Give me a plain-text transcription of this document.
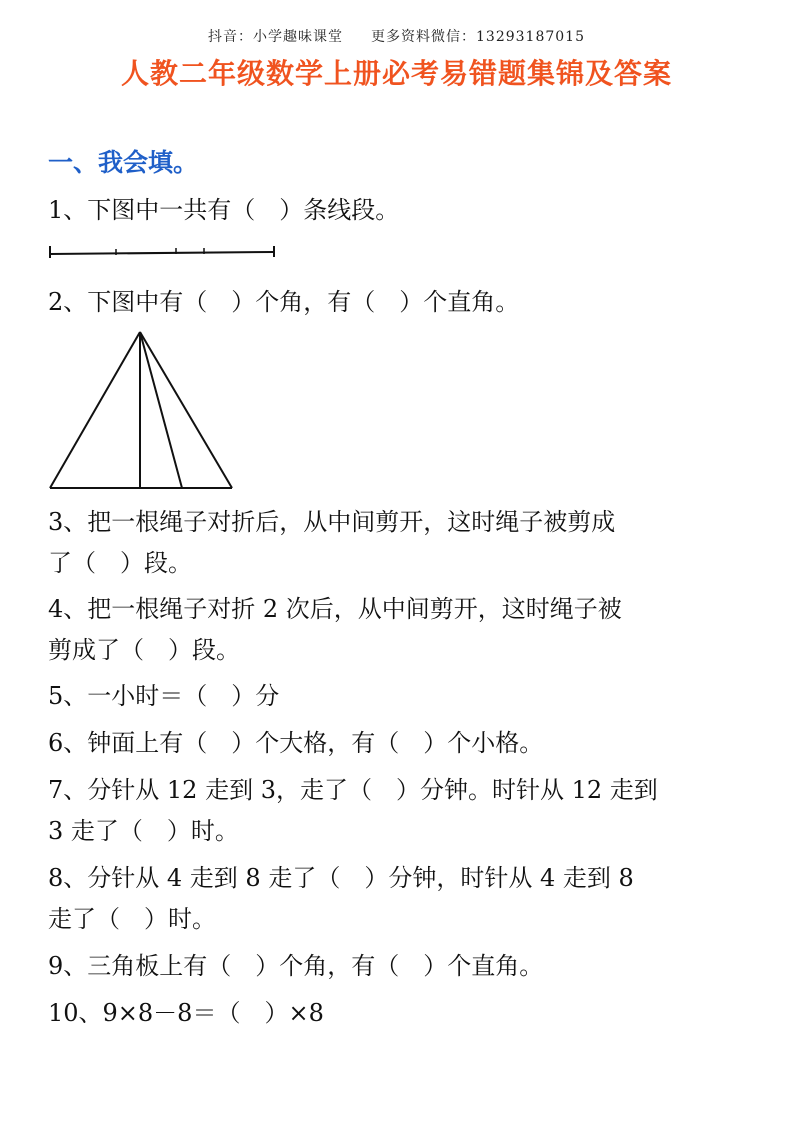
抖音：小学趣味课堂 更多资料微信：13293187015
人教二年级数学上册必考易错题集锦及答案
一、我会填。
1、下图中一共有（　）条线段。
2、下图中有（　）个角，有（　）个直角。
3、把一根绳子对折后，从中间剪开，这时绳子被剪成
了（　）段。
4、把一根绳子对折 2 次后，从中间剪开，这时绳子被
剪成了（　）段。
5、一小时＝（　）分
6、钟面上有（　）个大格，有（　）个小格。
7、分针从 12 走到 3，走了（　）分钟。时针从 12 走到
3 走了（　）时。
8、分针从 4 走到 8 走了（　）分钟，时针从 4 走到 8
走了（　）时。
9、三角板上有（　）个角，有（　）个直角。
10、9×8－8＝（　）×8
